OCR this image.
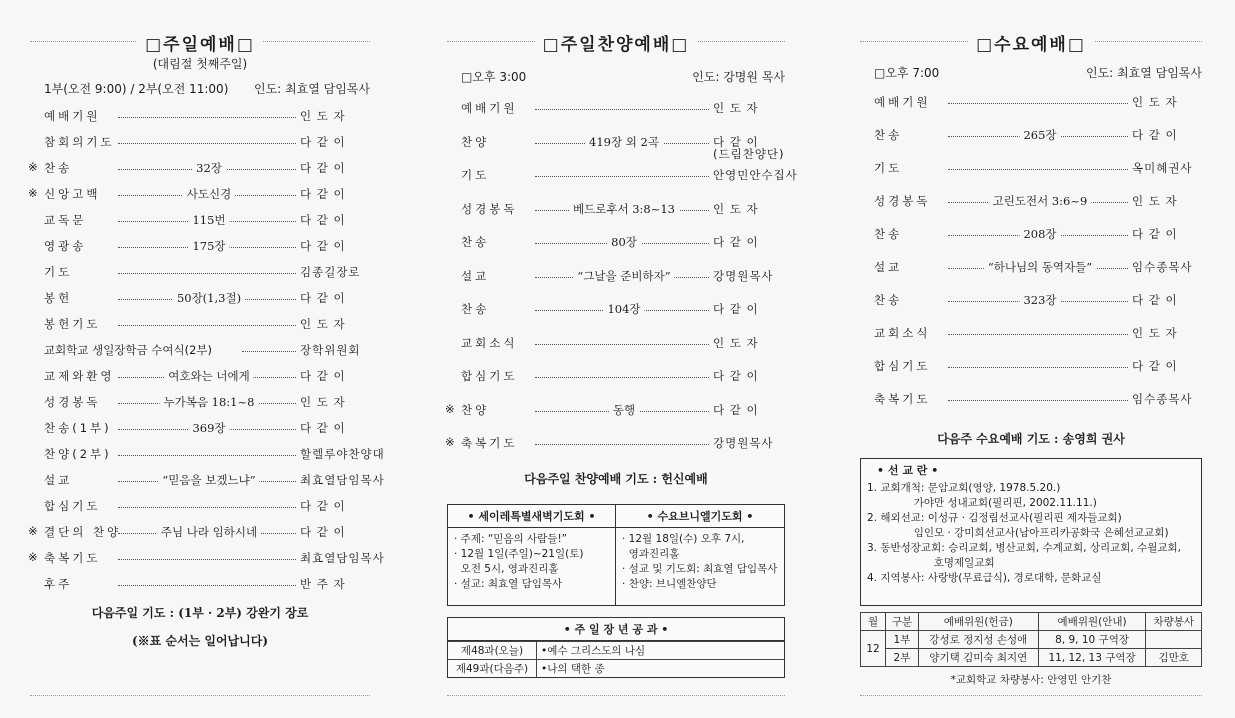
□주일예배□
(대림절 첫째주일)
1부(오전 9:00) / 2부(오전 11:00) 인도: 최효열 담임목사
예배기원	인 도 자
참회의기도	다 같 이
※ 찬송	32장	다 같 이
※ 신앙고백	사도신경	다 같 이
교독문	115번	다 같 이
영광송	175장	다 같 이
기도	김종길장로
봉헌	50장(1,3절)	다 같 이
봉헌기도	인 도 자
교회학교 생일장학금 수여식(2부)	장학위원회
교제와환영	여호와는 너에게	다 같 이
성경봉독	누가복음 18:1~8	인 도 자
찬송(1부)	369장	다 같 이
찬양(2부)	할렐루야찬양대
설교	“믿음을 보겠느냐”	최효열담임목사
합심기도	다 같 이
※ 결단의 찬양	주님 나라 임하시네	다 같 이
※ 축복기도	최효열담임목사
후주	반 주 자
다음주일 기도 : (1부 · 2부) 강완기 장로
(※표 순서는 일어납니다)
□주일찬양예배□
□오후 3:00	인도: 강명원 목사
예배기원	인 도 자
찬양	419장 외 2곡	다 같 이
(드림찬양단)
기도	안영민안수집사
성경봉독	베드로후서 3:8~13	인 도 자
찬송	80장	다 같 이
설교	“그날을 준비하자”	강명원목사
찬송	104장	다 같 이
교회소식	인 도 자
합심기도	다 같 이
※ 찬양	동행	다 같 이
※ 축복기도	강명원목사
다음주일 찬양예배 기도 : 헌신예배
• 세이레특별새벽기도회 •
· 주제: “믿음의 사람들!”
· 12월 1일(주일)~21일(토)
오전 5시, 영과진리홀
· 설교: 최효열 담임목사
• 수요브니엘기도회 •
· 12월 18일(수) 오후 7시,
영과진리홀
· 설교 및 기도회: 최효열 담임목사
· 찬양: 브니엘찬양단
• 주 일 장 년 공 과 •
제48과(오늘)	•예수 그리스도의 나심
제49과(다음주)	•나의 택한 종
□수요예배□
□오후 7:00	인도: 최효열 담임목사
예배기원	인 도 자
찬송	265장	다 같 이
기도	옥미혜권사
성경봉독	고린도전서 3:6~9	인 도 자
찬송	208장	다 같 이
설교	“하나님의 동역자들”	임수종목사
찬송	323장	다 같 이
교회소식	인 도 자
합심기도	다 같 이
축복기도	임수종목사
다음주 수요예배 기도 : 송영희 권사
• 선 교 란 •
1. 교회개척: 문암교회(영양, 1978.5.20.)
가야만 성내교회(필리핀, 2002.11.11.)
2. 해외선교: 이성규 · 김정림선교사(필리핀 제자들교회)
임인모 · 강미희선교사(남아프리카공화국 은혜선교교회)
3. 동반성장교회: 승리교회, 병산교회, 수계교회, 상리교회, 수월교회,
호명제일교회
4. 지역봉사: 사랑방(무료급식), 경로대학, 문화교실
월	구분	예배위원(헌금)	예배위원(안내)	차량봉사
12	1부	강성로 정지성 손성애	8, 9, 10 구역장	
	2부	양기택 김미숙 최지연	11, 12, 13 구역장	김만호
*교회학교 차량봉사: 안영민 안기찬
